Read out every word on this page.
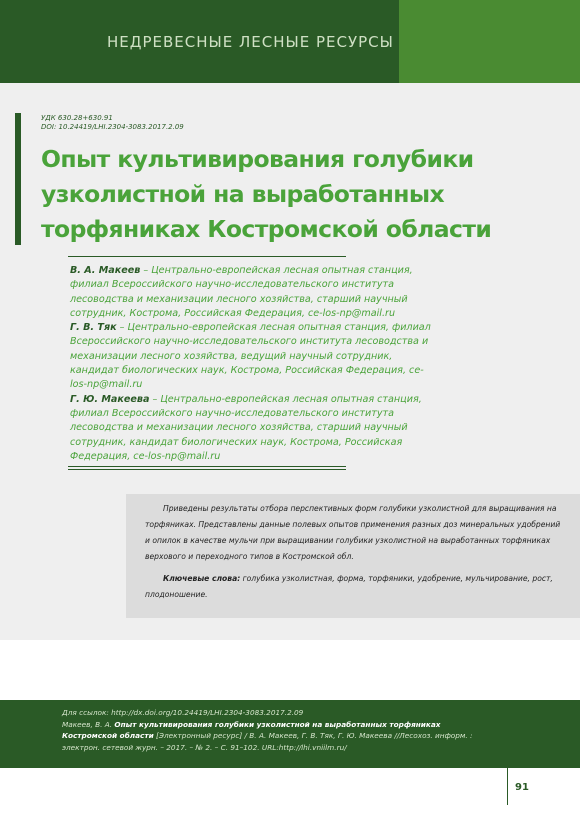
НЕДРЕВЕСНЫЕ ЛЕСНЫЕ РЕСУРСЫ
УДК 630.28+630.91
DOI: 10.24419/LHI.2304-3083.2017.2.09
Опыт культивирования голубики
узколистной на выработанных
торфяниках Костромской области
В. А. Макеев – Центрально-европейская лесная опытная станция, филиал Всероссийского научно-исследовательского института лесоводства и механизации лесного хозяйства, старший научный сотрудник, Кострома, Российская Федерация, ce-los-np@mail.ru
Г. В. Тяк – Центрально-европейская лесная опытная станция, филиал Всероссийского научно-исследовательского института лесоводства и механизации лесного хозяйства, ведущий научный сотрудник, кандидат биологических наук, Кострома, Российская Федерация, ce-los-np@mail.ru
Г. Ю. Макеева – Центрально-европейская лесная опытная станция, филиал Всероссийского научно-исследовательского института лесоводства и механизации лесного хозяйства, старший научный сотрудник, кандидат биологических наук, Кострома, Российская Федерация, ce-los-np@mail.ru
Приведены результаты отбора перспективных форм голубики узколистной для выращивания на торфяниках. Представлены данные полевых опытов применения разных доз минеральных удобрений и опилок в качестве мульчи при выращивании голубики узколистной на выработанных торфяниках верхового и переходного типов в Костромской обл.
Ключевые слова: голубика узколистная, форма, торфяники, удобрение, мульчирование, рост, плодоношение.
Для ссылок: http://dx.doi.org/10.24419/LHI.2304-3083.2017.2.09
Макеев, В. А. Опыт культивирования голубики узколистной на выработанных торфяниках Костромской области [Электронный ресурс] / В. А. Макеев, Г. В. Тяк, Г. Ю. Макеева //Лесохоз. информ. : электрон. сетевой журн. – 2017. – № 2. – С. 91–102. URL:http://lhi.vniilm.ru/
91
